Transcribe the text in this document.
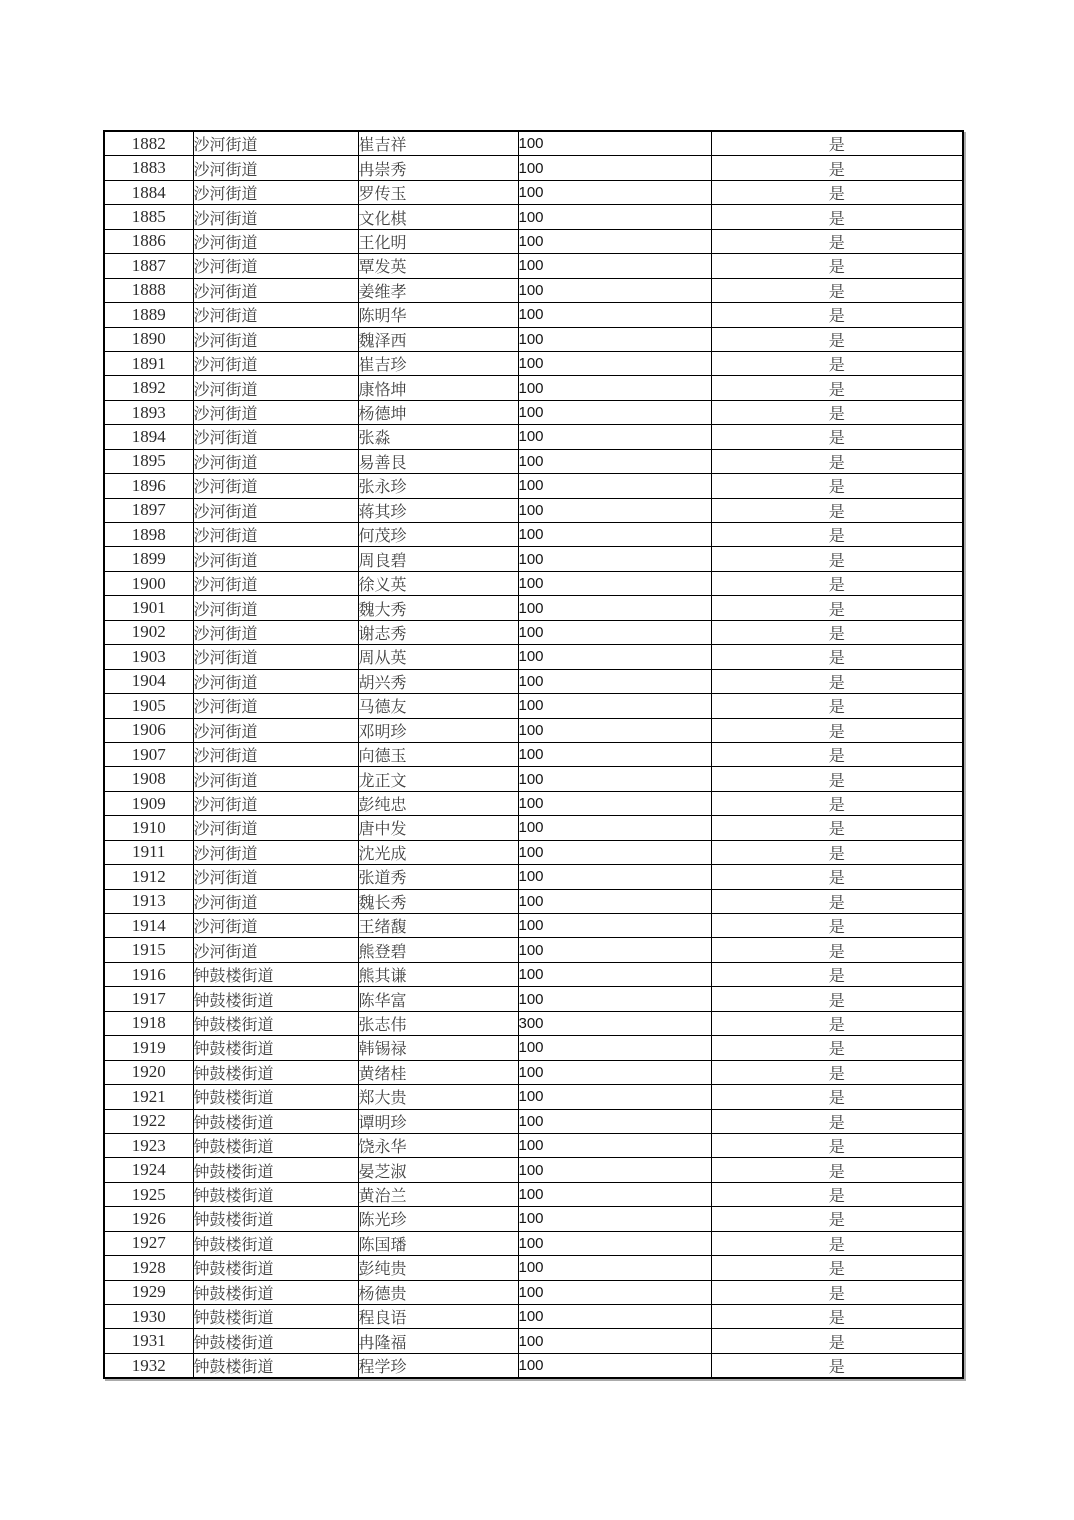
1882	沙河街道	崔吉祥	100	是
1883	沙河街道	冉崇秀	100	是
1884	沙河街道	罗传玉	100	是
1885	沙河街道	文化棋	100	是
1886	沙河街道	王化明	100	是
1887	沙河街道	覃发英	100	是
1888	沙河街道	姜维孝	100	是
1889	沙河街道	陈明华	100	是
1890	沙河街道	魏泽西	100	是
1891	沙河街道	崔吉珍	100	是
1892	沙河街道	康恪坤	100	是
1893	沙河街道	杨德坤	100	是
1894	沙河街道	张淼	100	是
1895	沙河街道	易善艮	100	是
1896	沙河街道	张永珍	100	是
1897	沙河街道	蒋其珍	100	是
1898	沙河街道	何茂珍	100	是
1899	沙河街道	周良碧	100	是
1900	沙河街道	徐义英	100	是
1901	沙河街道	魏大秀	100	是
1902	沙河街道	谢志秀	100	是
1903	沙河街道	周从英	100	是
1904	沙河街道	胡兴秀	100	是
1905	沙河街道	马德友	100	是
1906	沙河街道	邓明珍	100	是
1907	沙河街道	向德玉	100	是
1908	沙河街道	龙正文	100	是
1909	沙河街道	彭纯忠	100	是
1910	沙河街道	唐中发	100	是
1911	沙河街道	沈光成	100	是
1912	沙河街道	张道秀	100	是
1913	沙河街道	魏长秀	100	是
1914	沙河街道	王绪馥	100	是
1915	沙河街道	熊登碧	100	是
1916	钟鼓楼街道	熊其谦	100	是
1917	钟鼓楼街道	陈华富	100	是
1918	钟鼓楼街道	张志伟	300	是
1919	钟鼓楼街道	韩锡禄	100	是
1920	钟鼓楼街道	黄绪桂	100	是
1921	钟鼓楼街道	郑大贵	100	是
1922	钟鼓楼街道	谭明珍	100	是
1923	钟鼓楼街道	饶永华	100	是
1924	钟鼓楼街道	晏芝淑	100	是
1925	钟鼓楼街道	黄治兰	100	是
1926	钟鼓楼街道	陈光珍	100	是
1927	钟鼓楼街道	陈国璠	100	是
1928	钟鼓楼街道	彭纯贵	100	是
1929	钟鼓楼街道	杨德贵	100	是
1930	钟鼓楼街道	程良语	100	是
1931	钟鼓楼街道	冉隆福	100	是
1932	钟鼓楼街道	程学珍	100	是
